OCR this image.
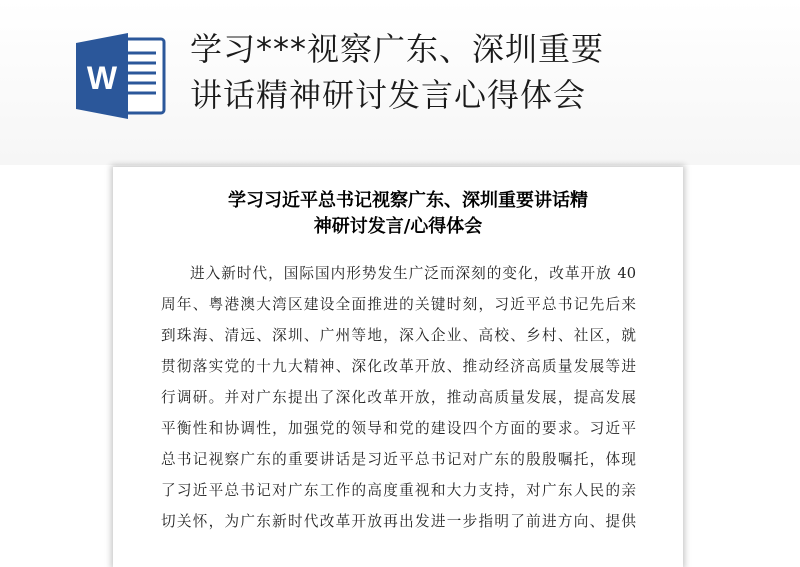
W
学习***视察广东、深圳重要
讲话精神研讨发言心得体会
学习习近平总书记视察广东、深圳重要讲话精
神研讨发言/心得体会
进入新时代，国际国内形势发生广泛而深刻的变化，改革开放 40
周年、粤港澳大湾区建设全面推进的关键时刻，习近平总书记先后来
到珠海、清远、深圳、广州等地，深入企业、高校、乡村、社区，就
贯彻落实党的十九大精神、深化改革开放、推动经济高质量发展等进
行调研。并对广东提出了深化改革开放，推动高质量发展，提高发展
平衡性和协调性，加强党的领导和党的建设四个方面的要求。习近平
总书记视察广东的重要讲话是习近平总书记对广东的殷殷嘱托，体现
了习近平总书记对广东工作的高度重视和大力支持，对广东人民的亲
切关怀，为广东新时代改革开放再出发进一步指明了前进方向、提供
